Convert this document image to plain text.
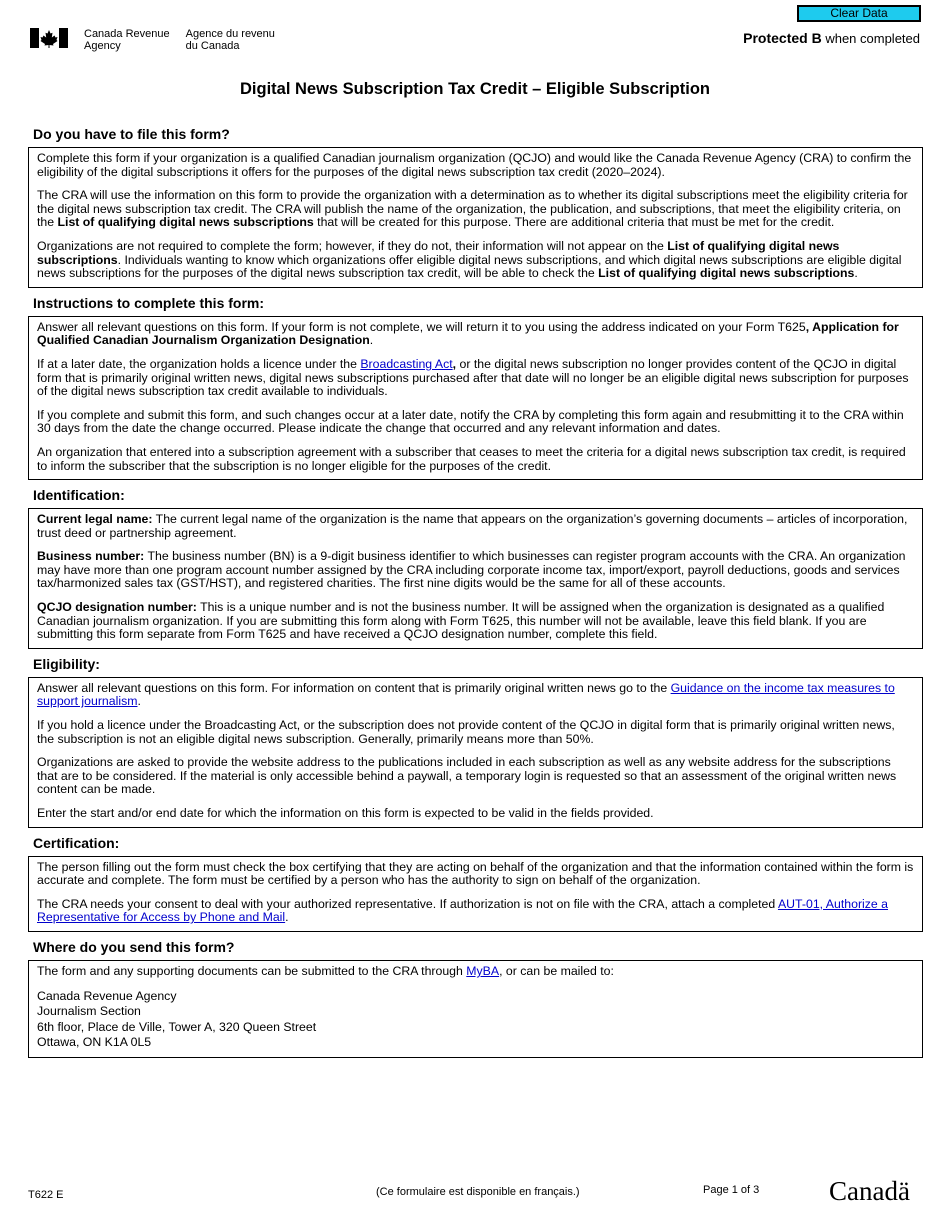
Canada Revenue
Agency
Agence du revenu
du Canada
Clear Data
Protected B when completed
Digital News Subscription Tax Credit – Eligible Subscription
Do you have to file this form?

Complete this form if your organization is a qualified Canadian journalism organization (QCJO) and would like the Canada Revenue Agency (CRA) to confirm the eligibility of the digital subscriptions it offers for the purposes of the digital news subscription tax credit (2020–2024).

The CRA will use the information on this form to provide the organization with a determination as to whether its digital subscriptions meet the eligibility criteria for the digital news subscription tax credit. The CRA will publish the name of the organization, the publication, and subscriptions, that meet the eligibility criteria, on the List of qualifying digital news subscriptions that will be created for this purpose. There are additional criteria that must be met for the credit.

Organizations are not required to complete the form; however, if they do not, their information will not appear on the List of qualifying digital news subscriptions. Individuals wanting to know which organizations offer eligible digital news subscriptions, and which digital news subscriptions are eligible digital news subscriptions for the purposes of the digital news subscription tax credit, will be able to check the List of qualifying digital news subscriptions.

Instructions to complete this form:

Answer all relevant questions on this form. If your form is not complete, we will return it to you using the address indicated on your Form T625, Application for Qualified Canadian Journalism Organization Designation.

If at a later date, the organization holds a licence under the Broadcasting Act, or the digital news subscription no longer provides content of the QCJO in digital form that is primarily original written news, digital news subscriptions purchased after that date will no longer be an eligible digital news subscription for purposes of the digital news subscription tax credit available to individuals.

If you complete and submit this form, and such changes occur at a later date, notify the CRA by completing this form again and resubmitting it to the CRA within 30 days from the date the change occurred. Please indicate the change that occurred and any relevant information and dates.

An organization that entered into a subscription agreement with a subscriber that ceases to meet the criteria for a digital news subscription tax credit, is required to inform the subscriber that the subscription is no longer eligible for the purposes of the credit.

Identification:

Current legal name: The current legal name of the organization is the name that appears on the organization’s governing documents – articles of incorporation, trust deed or partnership agreement.

Business number: The business number (BN) is a 9-digit business identifier to which businesses can register program accounts with the CRA. An organization may have more than one program account number assigned by the CRA including corporate income tax, import/export, payroll deductions, goods and services tax/harmonized sales tax (GST/HST), and registered charities. The first nine digits would be the same for all of these accounts.

QCJO designation number: This is a unique number and is not the business number. It will be assigned when the organization is designated as a qualified Canadian journalism organization. If you are submitting this form along with Form T625, this number will not be available, leave this field blank. If you are submitting this form separate from Form T625 and have received a QCJO designation number, complete this field.

Eligibility:

Answer all relevant questions on this form. For information on content that is primarily original written news go to the Guidance on the income tax measures to support journalism.

If you hold a licence under the Broadcasting Act, or the subscription does not provide content of the QCJO in digital form that is primarily original written news, the subscription is not an eligible digital news subscription. Generally, primarily means more than 50%.

Organizations are asked to provide the website address to the publications included in each subscription as well as any website address for the subscriptions that are to be considered. If the material is only accessible behind a paywall, a temporary login is requested so that an assessment of the original written news content can be made.

Enter the start and/or end date for which the information on this form is expected to be valid in the fields provided.

Certification:

The person filling out the form must check the box certifying that they are acting on behalf of the organization and that the information contained within the form is accurate and complete. The form must be certified by a person who has the authority to sign on behalf of the organization.

The CRA needs your consent to deal with your authorized representative. If authorization is not on file with the CRA, attach a completed AUT-01, Authorize a Representative for Access by Phone and Mail.

Where do you send this form?

The form and any supporting documents can be submitted to the CRA through MyBA, or can be mailed to:

Canada Revenue Agency
Journalism Section
6th floor, Place de Ville, Tower A, 320 Queen Street
Ottawa, ON K1A 0L5
T622 E	(Ce formulaire est disponible en français.)	Page 1 of 3	Canadä
